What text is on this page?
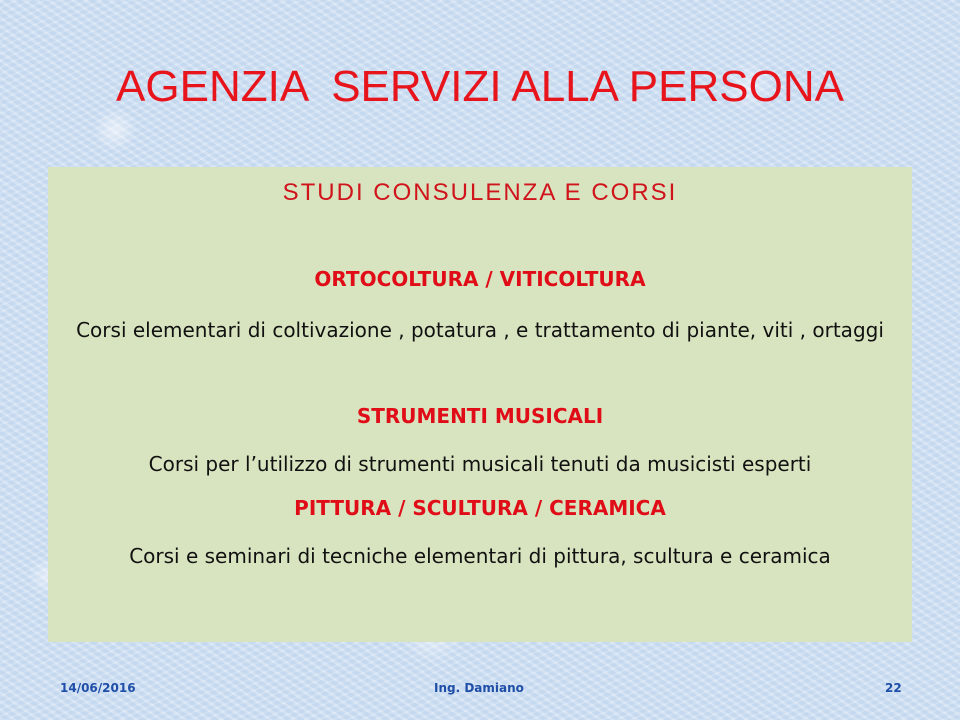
AGENZIA  SERVIZI ALLA PERSONA
STUDI CONSULENZA E CORSI
ORTOCOLTURA / VITICOLTURA
Corsi elementari di coltivazione , potatura , e trattamento di piante, viti , ortaggi
STRUMENTI MUSICALI
Corsi per l’utilizzo di strumenti musicali tenuti da musicisti esperti
PITTURA / SCULTURA / CERAMICA
Corsi e seminari di tecniche elementari di pittura, scultura e ceramica
14/06/2016	Ing. Damiano	22
